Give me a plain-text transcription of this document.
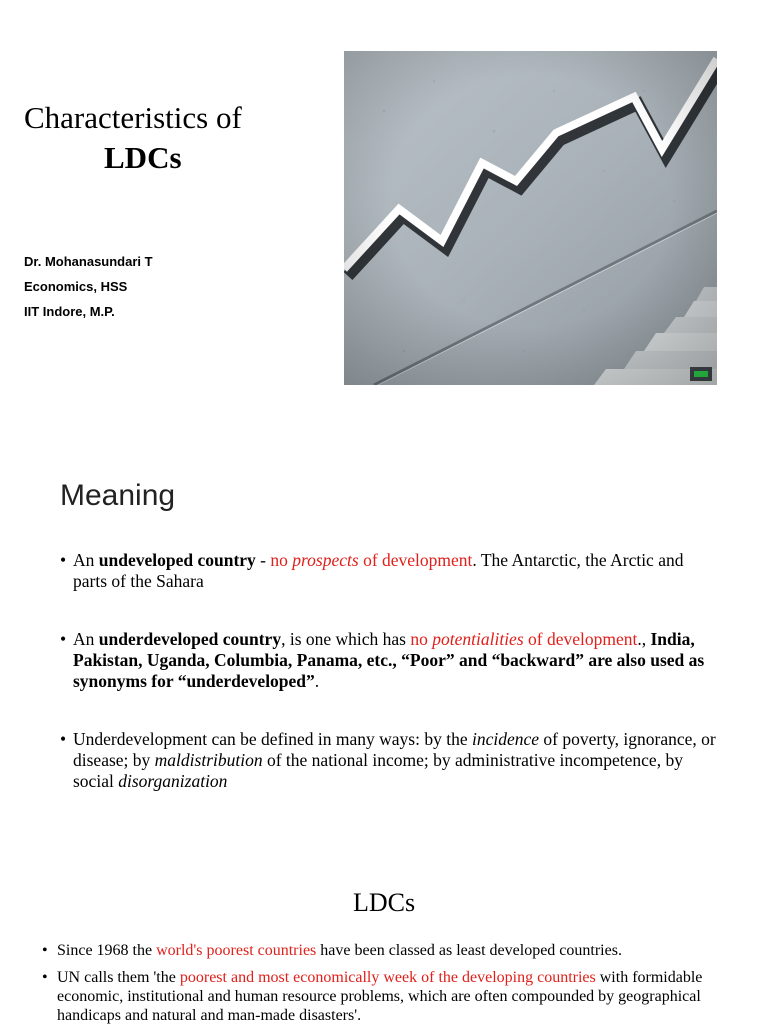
Characteristics of
LDCs
Dr. Mohanasundari T
Economics, HSS
IIT Indore, M.P.
Meaning
• An undeveloped country - no prospects of development. The Antarctic, the Arctic and parts of the Sahara
• An underdeveloped country, is one which has no potentialities of development., India, Pakistan, Uganda, Columbia, Panama, etc., “Poor” and “backward” are also used as synonyms for “underdeveloped”.
• Underdevelopment can be defined in many ways: by the incidence of poverty, ignorance, or disease; by maldistribution of the national income; by administrative incompetence, by social disorganization
LDCs
• Since 1968 the world's poorest countries have been classed as least developed countries.
• UN calls them 'the poorest and most economically week of the developing countries with formidable economic, institutional and human resource problems, which are often compounded by geographical handicaps and natural and man-made disasters'.
